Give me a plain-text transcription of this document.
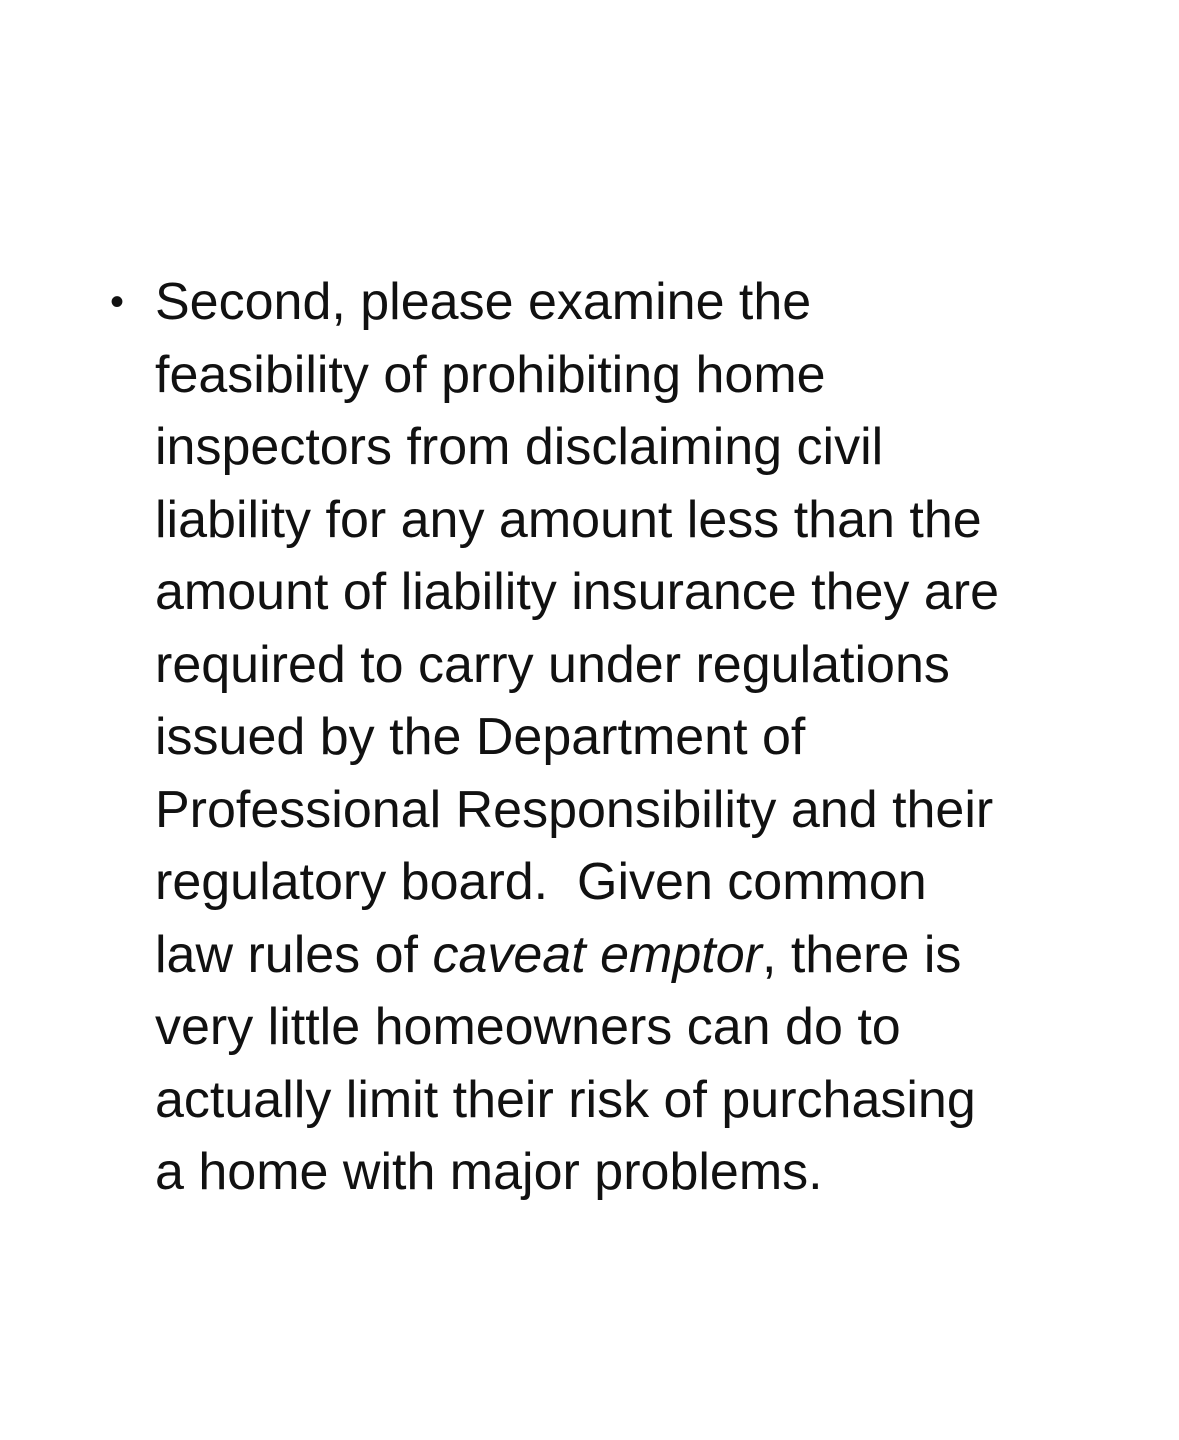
• Second, please examine the
feasibility of prohibiting home
inspectors from disclaiming civil
liability for any amount less than the
amount of liability insurance they are
required to carry under regulations
issued by the Department of
Professional Responsibility and their
regulatory board.  Given common
law rules of caveat emptor, there is
very little homeowners can do to
actually limit their risk of purchasing
a home with major problems.
